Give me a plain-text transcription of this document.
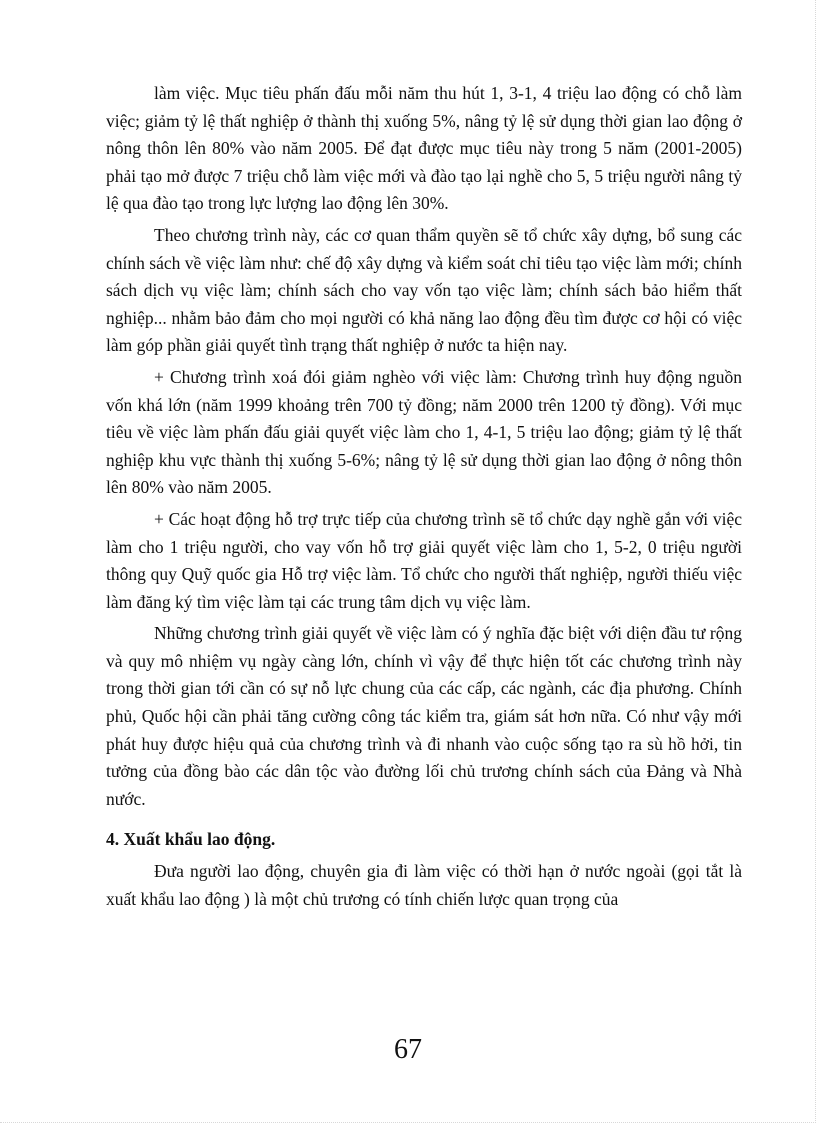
làm việc. Mục tiêu phấn đấu mỗi năm thu hút 1, 3-1, 4 triệu lao động có chỗ làm việc; giảm tỷ lệ thất nghiệp ở thành thị xuống 5%, nâng tỷ lệ sử dụng thời gian lao động ở nông thôn lên 80% vào năm 2005. Để đạt được mục tiêu này trong 5 năm (2001-2005) phải tạo mở được 7 triệu chỗ làm việc mới và đào tạo lại nghề cho 5, 5 triệu người nâng tỷ lệ qua đào tạo trong lực lượng lao động lên 30%.

Theo chương trình này, các cơ quan thẩm quyền sẽ tổ chức xây dựng, bổ sung các chính sách về việc làm như: chế độ xây dựng và kiểm soát chỉ tiêu tạo việc làm mới; chính sách dịch vụ việc làm; chính sách cho vay vốn tạo việc làm; chính sách bảo hiểm thất nghiệp... nhằm bảo đảm cho mọi người có khả năng lao động đều tìm được cơ hội có việc làm góp phần giải quyết tình trạng thất nghiệp ở nước ta hiện nay.

+ Chương trình xoá đói giảm nghèo với việc làm: Chương trình huy động nguồn vốn khá lớn (năm 1999 khoảng trên 700 tỷ đồng; năm 2000 trên 1200 tỷ đồng). Với mục tiêu về việc làm phấn đấu giải quyết việc làm cho 1, 4-1, 5 triệu lao động; giảm tỷ lệ thất nghiệp khu vực thành thị xuống 5-6%; nâng tỷ lệ sử dụng thời gian lao động ở nông thôn lên 80% vào năm 2005.

+ Các hoạt động hỗ trợ trực tiếp của chương trình sẽ tổ chức dạy nghề gắn với việc làm cho 1 triệu người, cho vay vốn hỗ trợ giải quyết việc làm cho 1, 5-2, 0 triệu người thông quy Quỹ quốc gia Hỗ trợ việc làm. Tổ chức cho người thất nghiệp, người thiếu việc làm đăng ký tìm việc làm tại các trung tâm dịch vụ việc làm.

Những chương trình giải quyết về việc làm có ý nghĩa đặc biệt với diện đầu tư rộng và quy mô nhiệm vụ ngày càng lớn, chính vì vậy để thực hiện tốt các chương trình này trong thời gian tới cần có sự nỗ lực chung của các cấp, các ngành, các địa phương. Chính phủ, Quốc hội cần phải tăng cường công tác kiểm tra, giám sát hơn nữa. Có như vậy mới phát huy được hiệu quả của chương trình và đi nhanh vào cuộc sống tạo ra sù hồ hởi, tin tưởng của đồng bào các dân tộc vào đường lối chủ trương chính sách của Đảng và Nhà nước.

4. Xuất khẩu lao động.

Đưa người lao động, chuyên gia đi làm việc có thời hạn ở nước ngoài (gọi tắt là xuất khẩu lao động ) là một chủ trương có tính chiến lược quan trọng của

67
